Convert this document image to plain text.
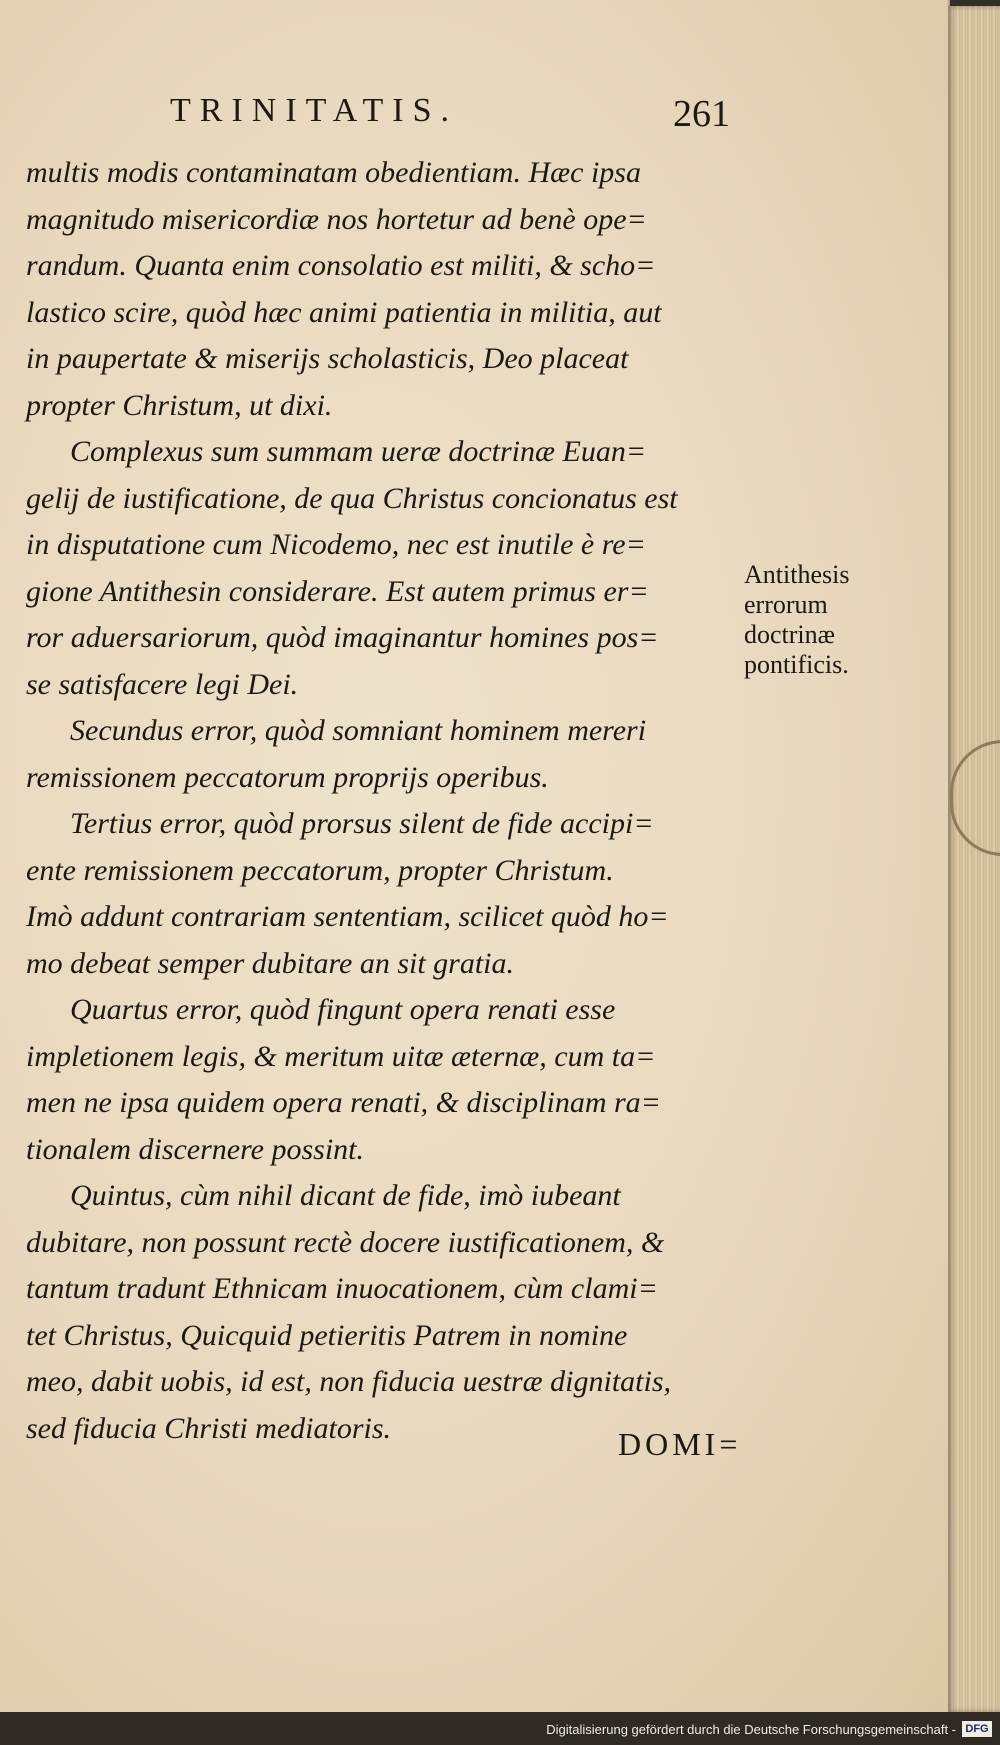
TRINITATIS.	261
multis modis contaminatam obedientiam. Hæc ipsa
magnitudo misericordiæ nos hortetur ad benè ope=
randum. Quanta enim consolatio est militi, & scho=
lastico scire, quòd hæc animi patientia in militia, aut
in paupertate & miserijs scholasticis, Deo placeat
propter Christum, ut dixi.
Complexus sum summam ueræ doctrinæ Euan=
gelij de iustificatione, de qua Christus concionatus est
in disputatione cum Nicodemo, nec est inutile è re=
gione Antithesin considerare. Est autem primus er=
ror aduersariorum, quòd imaginantur homines pos=
se satisfacere legi Dei.
Secundus error, quòd somniant hominem mereri
remissionem peccatorum proprijs operibus.
Tertius error, quòd prorsus silent de fide accipi=
ente remissionem peccatorum, propter Christum.
Imò addunt contrariam sententiam, scilicet quòd ho=
mo debeat semper dubitare an sit gratia.
Quartus error, quòd fingunt opera renati esse
impletionem legis, & meritum uitæ æternæ, cum ta=
men ne ipsa quidem opera renati, & disciplinam ra=
tionalem discernere possint.
Quintus, cùm nihil dicant de fide, imò iubeant
dubitare, non possunt rectè docere iustificationem, &
tantum tradunt Ethnicam inuocationem, cùm clami=
tet Christus, Quicquid petieritis Patrem in nomine
meo, dabit uobis, id est, non fiducia uestræ dignitatis,
sed fiducia Christi mediatoris.
Antithesis
errorum
doctrinæ
pontificis.
DOMI=
Digitalisierung gefördert durch die Deutsche Forschungsgemeinschaft - DFG
